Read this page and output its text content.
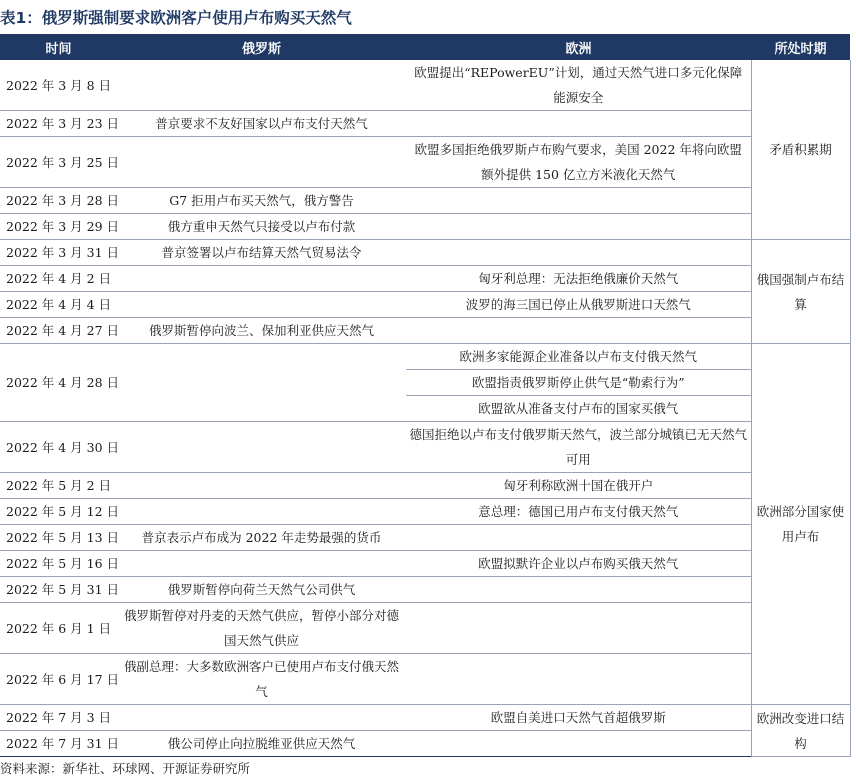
表1：俄罗斯强制要求欧洲客户使用卢布购买天然气
时间	俄罗斯	欧洲	所处时期
2022 年 3 月 8 日		欧盟提出“REPowerEU”计划，通过天然气进口多元化保障能源安全	矛盾积累期
2022 年 3 月 23 日	普京要求不友好国家以卢布支付天然气		
2022 年 3 月 25 日		欧盟多国拒绝俄罗斯卢布购气要求，美国 2022 年将向欧盟额外提供 150 亿立方米液化天然气	
2022 年 3 月 28 日	G7 拒用卢布买天然气，俄方警告		
2022 年 3 月 29 日	俄方重申天然气只接受以卢布付款		
2022 年 3 月 31 日	普京签署以卢布结算天然气贸易法令		俄国强制卢布结算
2022 年 4 月 2 日		匈牙利总理：无法拒绝俄廉价天然气	
2022 年 4 月 4 日		波罗的海三国已停止从俄罗斯进口天然气	
2022 年 4 月 27 日	俄罗斯暂停向波兰、保加利亚供应天然气		
2022 年 4 月 28 日		欧洲多家能源企业准备以卢布支付俄天然气	欧洲部分国家使用卢布
		欧盟指责俄罗斯停止供气是“勒索行为”	
		欧盟欲从准备支付卢布的国家买俄气	
2022 年 4 月 30 日		德国拒绝以卢布支付俄罗斯天然气，波兰部分城镇已无天然气可用	
2022 年 5 月 2 日		匈牙利称欧洲十国在俄开户	
2022 年 5 月 12 日		意总理：德国已用卢布支付俄天然气	
2022 年 5 月 13 日	普京表示卢布成为 2022 年走势最强的货币		
2022 年 5 月 16 日		欧盟拟默许企业以卢布购买俄天然气	
2022 年 5 月 31 日	俄罗斯暂停向荷兰天然气公司供气		
2022 年 6 月 1 日	俄罗斯暂停对丹麦的天然气供应，暂停小部分对德国天然气供应		
2022 年 6 月 17 日	俄副总理：大多数欧洲客户已使用卢布支付俄天然气		
2022 年 7 月 3 日		欧盟自美进口天然气首超俄罗斯	欧洲改变进口结构
2022 年 7 月 31 日	俄公司停止向拉脱维亚供应天然气		
资料来源：新华社、环球网、开源证券研究所
